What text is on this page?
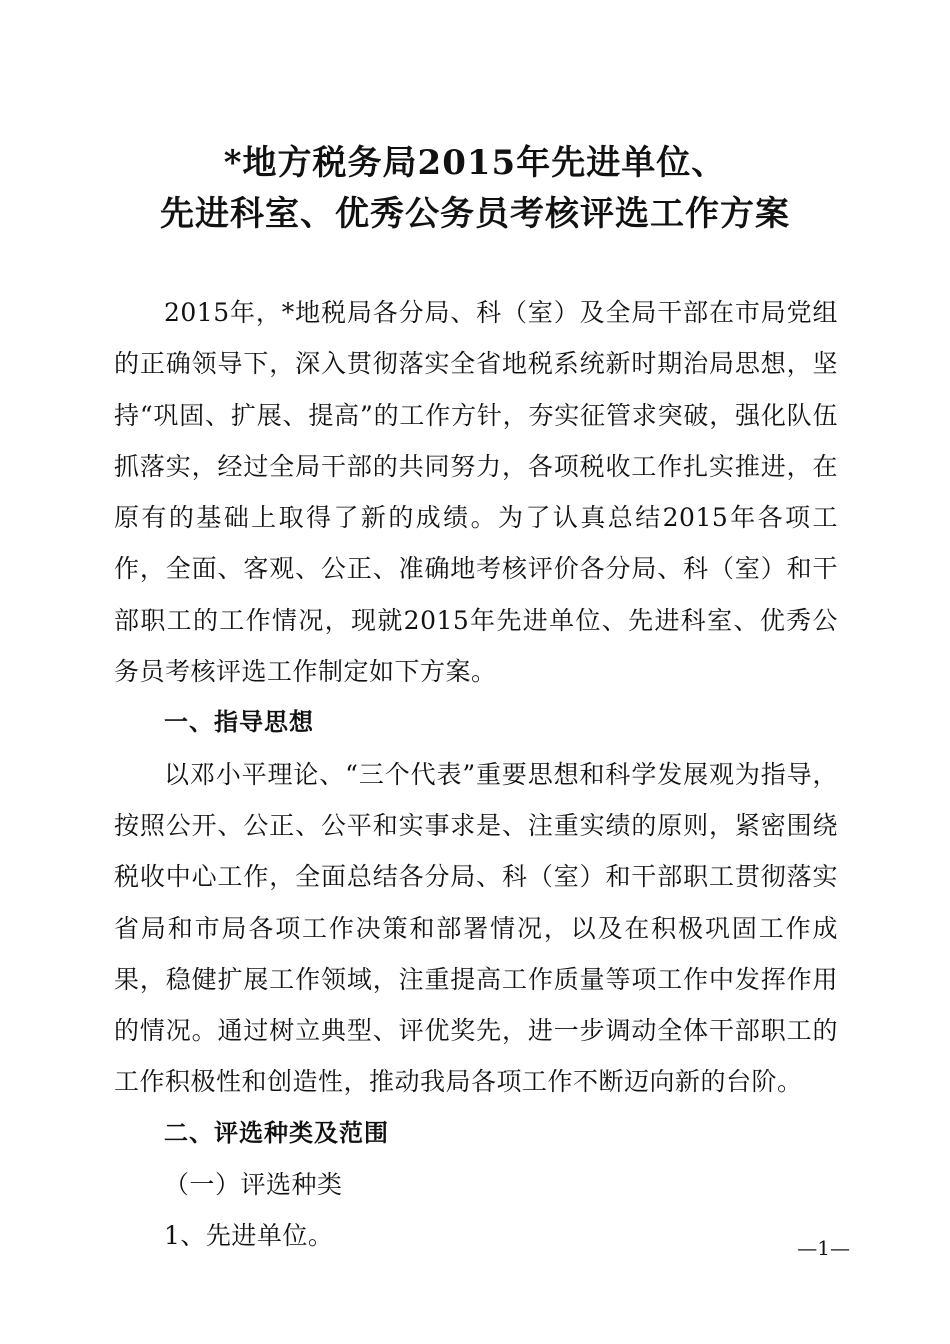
*地方税务局2015年先进单位、
先进科室、优秀公务员考核评选工作方案

2015年，*地税局各分局、科（室）及全局干部在市局党组的正确领导下，深入贯彻落实全省地税系统新时期治局思想，坚持“巩固、扩展、提高”的工作方针，夯实征管求突破，强化队伍抓落实，经过全局干部的共同努力，各项税收工作扎实推进，在原有的基础上取得了新的成绩。为了认真总结2015年各项工作，全面、客观、公正、准确地考核评价各分局、科（室）和干部职工的工作情况，现就2015年先进单位、先进科室、优秀公务员考核评选工作制定如下方案。

一、指导思想

以邓小平理论、“三个代表”重要思想和科学发展观为指导，按照公开、公正、公平和实事求是、注重实绩的原则，紧密围绕税收中心工作，全面总结各分局、科（室）和干部职工贯彻落实省局和市局各项工作决策和部署情况，以及在积极巩固工作成果，稳健扩展工作领域，注重提高工作质量等项工作中发挥作用的情况。通过树立典型、评优奖先，进一步调动全体干部职工的工作积极性和创造性，推动我局各项工作不断迈向新的台阶。

二、评选种类及范围

（一）评选种类

1、先进单位。	—1—
